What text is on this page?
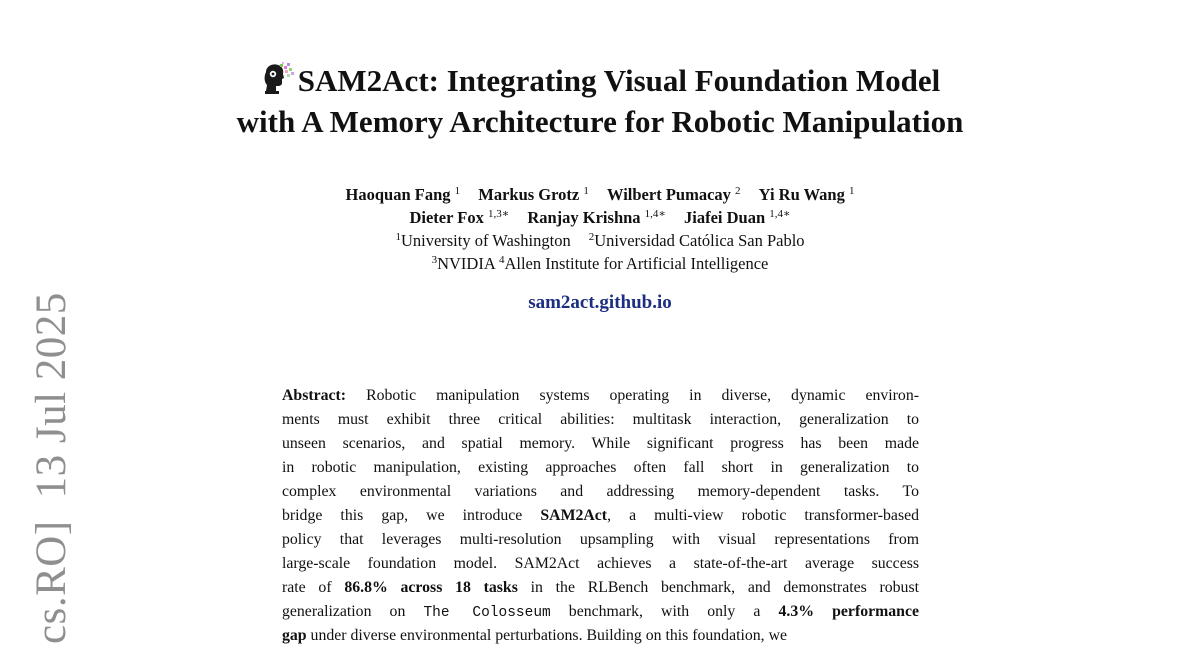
cs.RO]13 Jul 2025
SAM2Act: Integrating Visual Foundation Model
with A Memory Architecture for Robotic Manipulation
Haoquan Fang $^1$ Markus Grotz $^1$ Wilbert Pumacay $^2$ Yi Ru Wang $^1$
Dieter Fox $^{1,3∗}$ Ranjay Krishna $^{1,4∗}$ Jiafei Duan $^{1,4∗}$
$^1$University of Washington $^2$Universidad Católica San Pablo
$^3$NVIDIA $^4$Allen Institute for Artificial Intelligence
sam2act.github.io
Abstract: Robotic manipulation systems operating in diverse, dynamic environ-
ments must exhibit three critical abilities: multitask interaction, generalization to
unseen scenarios, and spatial memory. While significant progress has been made
in robotic manipulation, existing approaches often fall short in generalization to
complex environmental variations and addressing memory-dependent tasks. To
bridge this gap, we introduce SAM2Act, a multi-view robotic transformer-based
policy that leverages multi-resolution upsampling with visual representations from
large-scale foundation model. SAM2Act achieves a state-of-the-art average success
rate of 86.8% across 18 tasks in the RLBench benchmark, and demonstrates robust
generalization on The Colosseum benchmark, with only a 4.3% performance
gap under diverse environmental perturbations. Building on this foundation, we
